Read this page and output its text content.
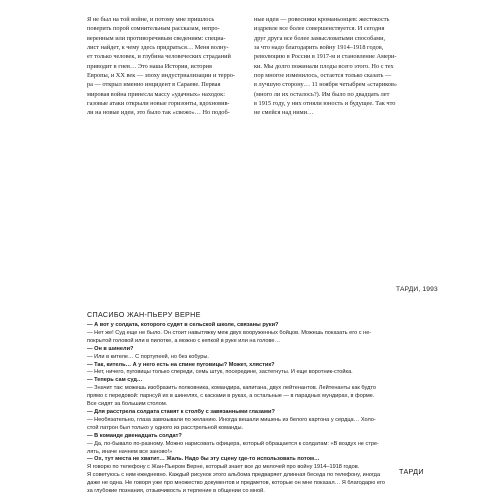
Я не был на той войне, и потому мне пришлось
поверить порой сомнительным рассказам, непро-
веренным или противоречивым сведениям: специа-
лист найдет, к чему здесь придраться… Меня волну-
ет только человек, и глубина человеческих страданий
приводит в гнев… Это наша История, история
Европы, и XX век — эпоху индустриализации и терро-
ра — открыл именно инцидент в Сараеве. Первая
мировая война принесла массу «удачных» находок:
газовые атаки открыли новые горизонты, вдохновив-
ли на новые идеи, это было так «свежо»… Но подоб-

ные идеи — ровесники кроманьонцев: жестокость
издревле все более совершенствуется. И сегодня
друг друга все более замысловатыми способами,
за что надо благодарить войну 1914–1918 годов,
революцию в России в 1917-м и становление Амери-
ки. Мы долго пожинали плоды всего этого. Но с тех
пор многое изменилось, остается только сказать —
в лучшую сторону… 11 ноября четыбрем «стариков»
(много ли их осталось?). Им было по двадцать лет
в 1915 году, у них отняли юность и будущее. Так что
не смейся над ними…

ТАРДИ, 1993
СПАСИБО ЖАН-ПЬЕРУ ВЕРНЕ
— А вот у солдата, которого судят в сельской школе, связаны руки?
— Нет же! Суд еще не было. Он стоит навытяжку меж двух вооруженных бойцов. Можешь показать его с не-
покрытой головой или в пилотке, а можно с кепкой в руке или на голове…
— Он в шинели?
— Или в кителе… С портупеей, но без кобуры.
— Так, китель… А у него есть на спине пуговицы? Может, хлястик?
— Нет, ничего, пуговицы только спереди, семь штук, посередине, застегнуты. И еще воротник-стойка.
— Теперь сам суд…
— Значит так: можешь изобразить полковника, командира, капитана, двух лейтенантов. Лейтенанты как будто
прямо с передовой: парнсуй их в шинелях, с касками в руках, а остальные — в парадных мундирах, в форме.
Все сидят за большим столом.
— Для расстрела солдата ставят к столбу с завязанными глазами?
— Необязательно, глаза завязывали по желанию. Иногда вешали мишень из белого картона у сердца… Холо-
стой патрон был только у одного из расстрельной команды.
— В команде двенадцать солдат?
— Да, по-бывало по-разному. Можно нарисовать офицера, который обращается к солдатам: «В воздух не стре-
лять, иначе начнем все заново!»
— Ох, тут места не хватит… Жаль. Надо бы эту сцену где-то использовать потом…
Я говорю по телефону с Жан-Пьером Верне, который знает все до мелочей про войну 1914–1918 годов.
Я советуюсь с ним ежедневно. Каждый рисунок этого альбома предваряет длинная беседа по телефону, иногда
даже не одна. Не говоря уже про множество документов и предметов, которые он мне показал… Я благодарю его
за глубокие познания, отзывчивость и терпение в общении со мной.
ТАРДИ
